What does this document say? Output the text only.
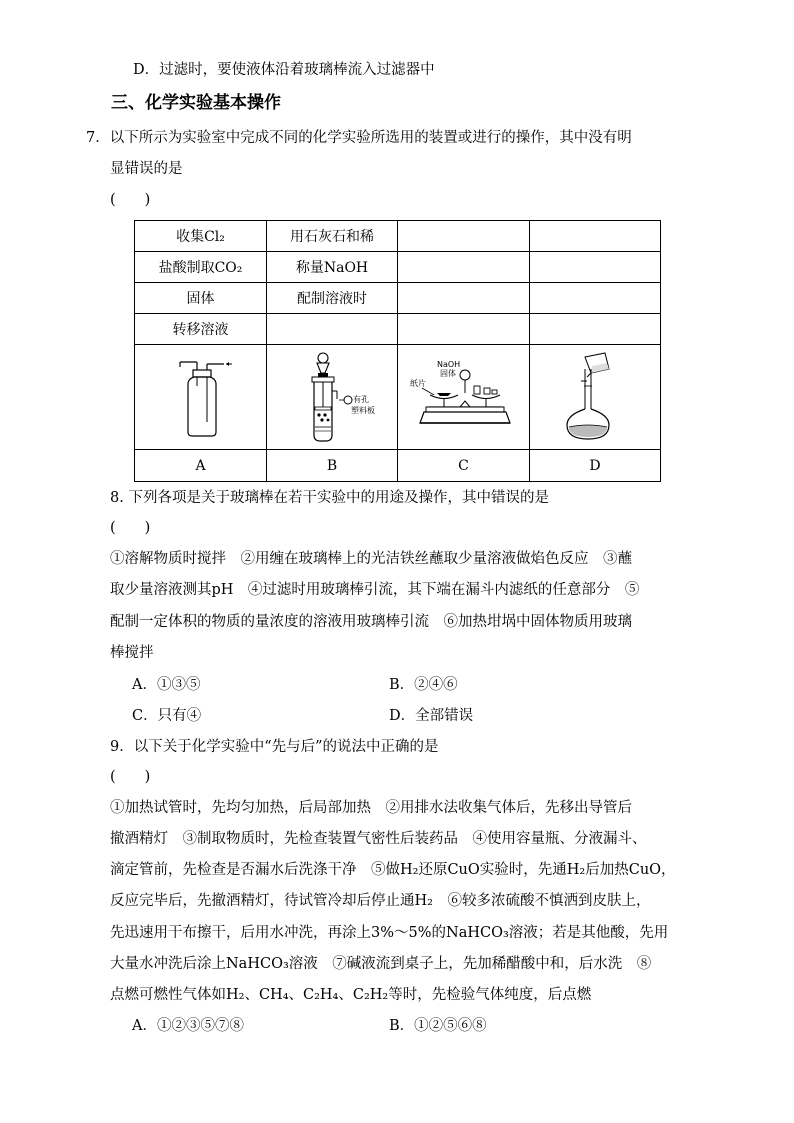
D．过滤时，要使液体沿着玻璃棒流入过滤器中
三、化学实验基本操作
7．以下所示为实验室中完成不同的化学实验所选用的装置或进行的操作，其中没有明
显错误的是
(　　)
收集Cl₂	用石灰石和稀		
盐酸制取CO₂	称量NaOH		
固体	配制溶液时		
转移溶液			

有孔
塑料板	NaOH
固体
纸片

A	B	C	D
8. 下列各项是关于玻璃棒在若干实验中的用途及操作，其中错误的是
(　　)
①溶解物质时搅拌　②用缠在玻璃棒上的光洁铁丝蘸取少量溶液做焰色反应　③蘸
取少量溶液测其pH　④过滤时用玻璃棒引流，其下端在漏斗内滤纸的任意部分　⑤
配制一定体积的物质的量浓度的溶液用玻璃棒引流　⑥加热坩埚中固体物质用玻璃
棒搅拌
A．①③⑤	B．②④⑥
C．只有④	D．全部错误
9．以下关于化学实验中“先与后”的说法中正确的是
(　　)
①加热试管时，先均匀加热，后局部加热　②用排水法收集气体后，先移出导管后
撤酒精灯　③制取物质时，先检查装置气密性后装药品　④使用容量瓶、分液漏斗、
滴定管前，先检查是否漏水后洗涤干净　⑤做H₂还原CuO实验时，先通H₂后加热CuO，
反应完毕后，先撤酒精灯，待试管冷却后停止通H₂　⑥较多浓硫酸不慎洒到皮肤上，
先迅速用干布擦干，后用水冲洗，再涂上3%～5%的NaHCO₃溶液；若是其他酸，先用
大量水冲洗后涂上NaHCO₃溶液　⑦碱液流到桌子上，先加稀醋酸中和，后水洗　⑧
点燃可燃性气体如H₂、CH₄、C₂H₄、C₂H₂等时，先检验气体纯度，后点燃
A．①②③⑤⑦⑧	B．①②⑤⑥⑧
